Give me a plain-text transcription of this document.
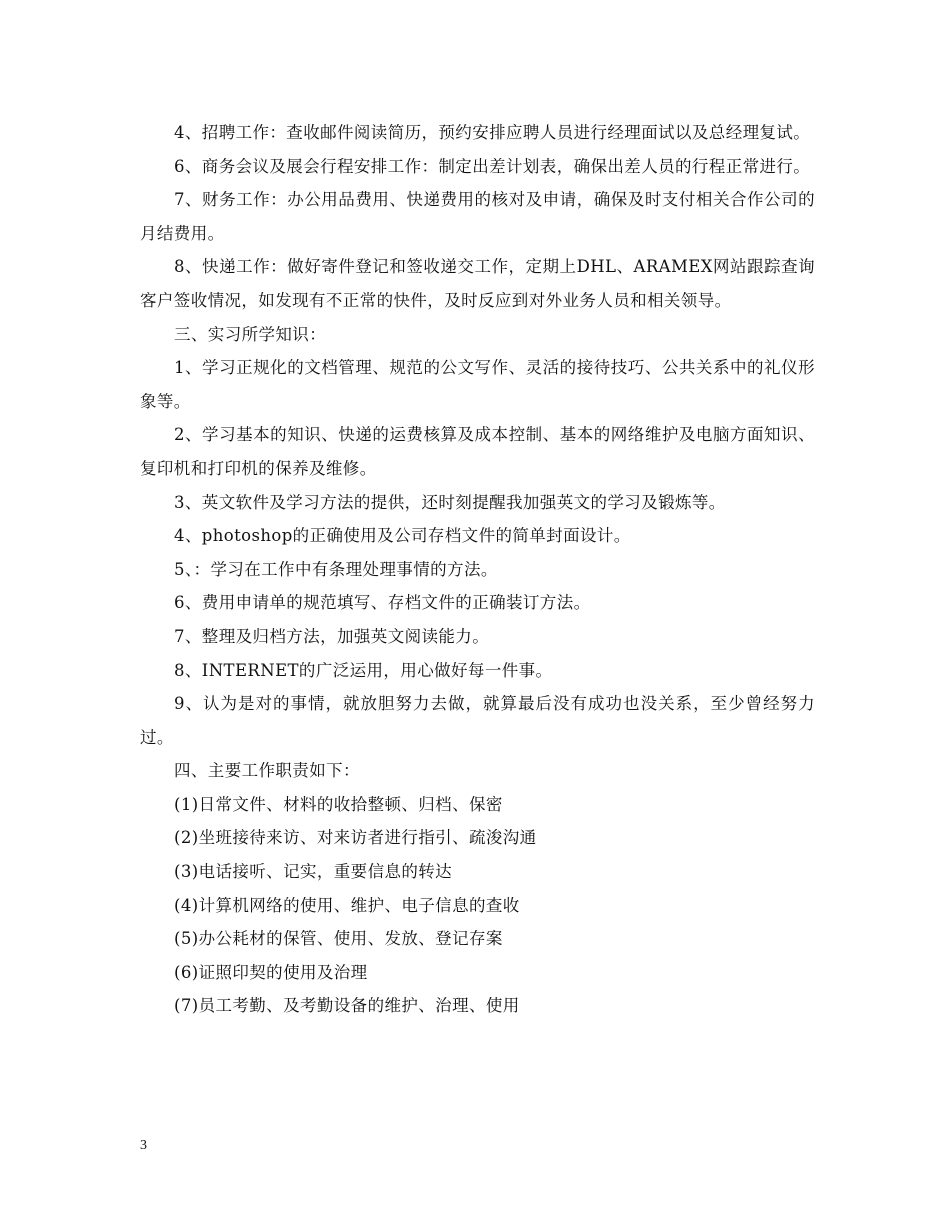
4、招聘工作：查收邮件阅读简历，预约安排应聘人员进行经理面试以及总经理复试。

6、商务会议及展会行程安排工作：制定出差计划表，确保出差人员的行程正常进行。

7、财务工作：办公用品费用、快递费用的核对及申请，确保及时支付相关合作公司的月结费用。

8、快递工作：做好寄件登记和签收递交工作，定期上DHL、ARAMEX网站跟踪查询客户签收情况，如发现有不正常的快件，及时反应到对外业务人员和相关领导。

三、实习所学知识：

1、学习正规化的文档管理、规范的公文写作、灵活的接待技巧、公共关系中的礼仪形象等。

2、学习基本的知识、快递的运费核算及成本控制、基本的网络维护及电脑方面知识、复印机和打印机的保养及维修。

3、英文软件及学习方法的提供，还时刻提醒我加强英文的学习及锻炼等。

4、photoshop的正确使用及公司存档文件的简单封面设计。

5、：学习在工作中有条理处理事情的方法。

6、费用申请单的规范填写、存档文件的正确装订方法。

7、整理及归档方法，加强英文阅读能力。

8、INTERNET的广泛运用，用心做好每一件事。

9、认为是对的事情，就放胆努力去做，就算最后没有成功也没关系，至少曾经努力过。

四、主要工作职责如下：

(1)日常文件、材料的收拾整顿、归档、保密

(2)坐班接待来访、对来访者进行指引、疏浚沟通

(3)电话接听、记实，重要信息的转达

(4)计算机网络的使用、维护、电子信息的查收

(5)办公耗材的保管、使用、发放、登记存案

(6)证照印契的使用及治理

(7)员工考勤、及考勤设备的维护、治理、使用

3
